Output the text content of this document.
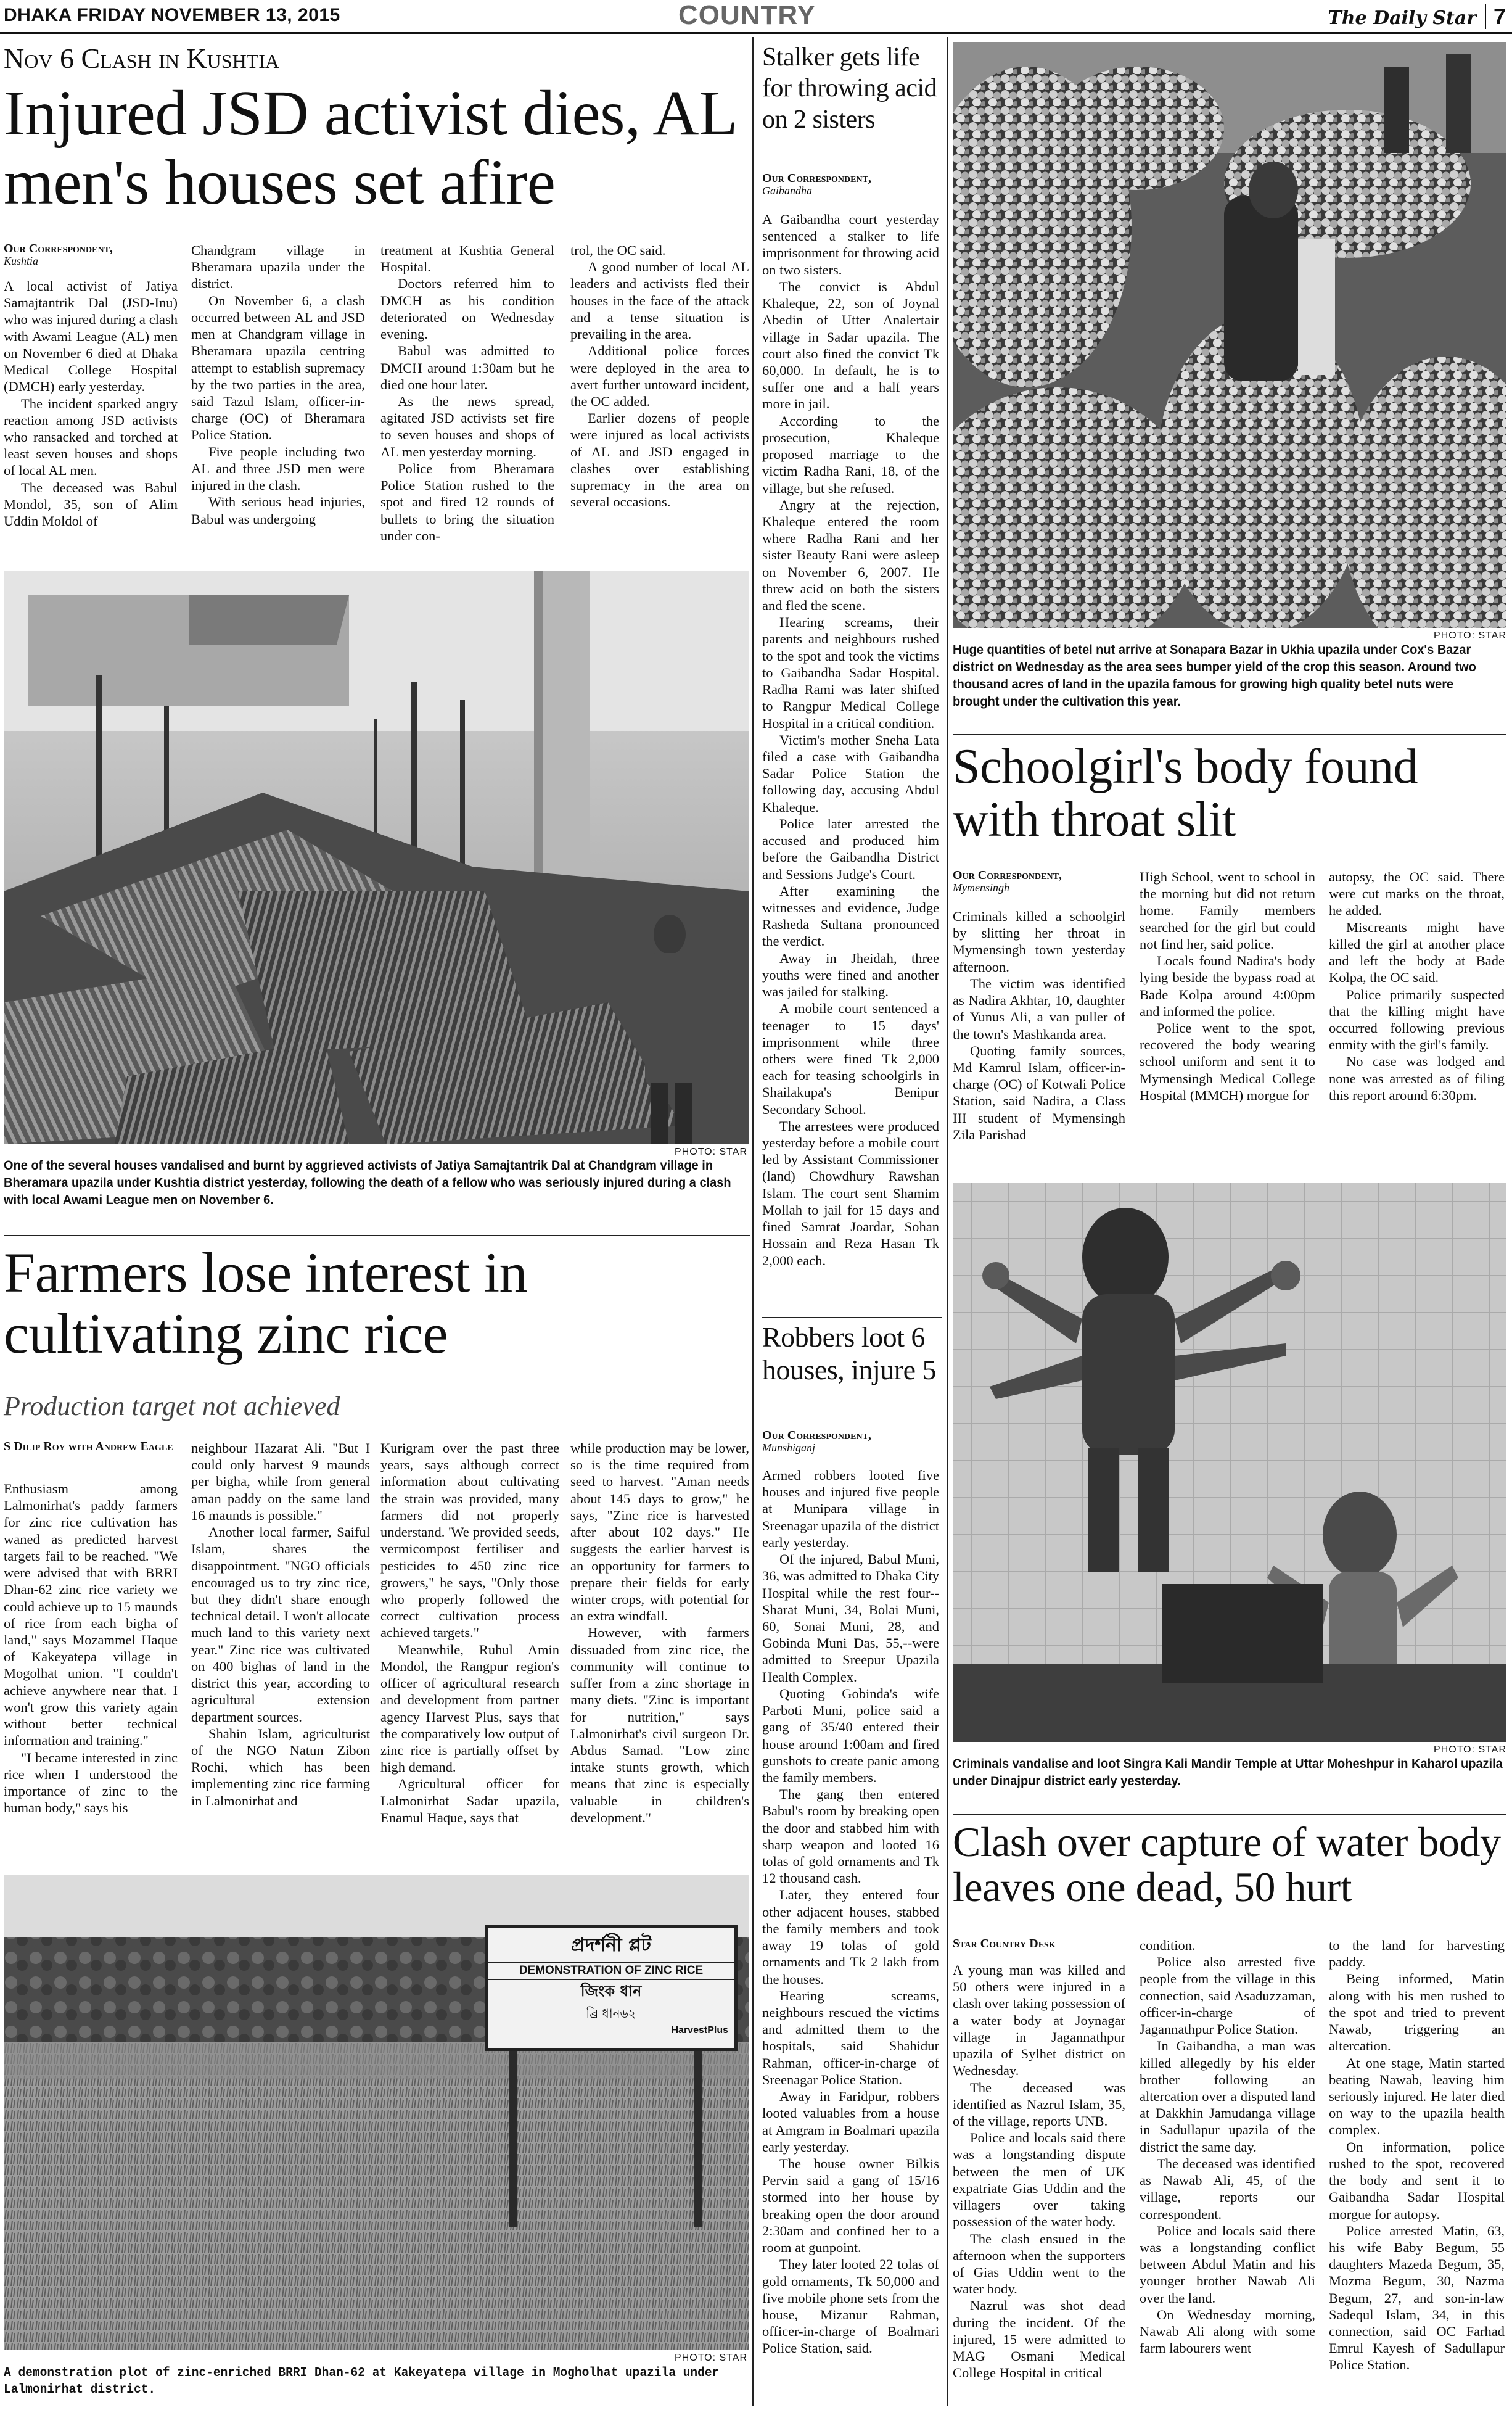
DHAKA FRIDAY NOVEMBER 13, 2015	COUNTRY	The Daily Star 7
Nov 6 Clash in Kushtia
Injured JSD activist dies, AL men's houses set afire
Our Correspondent,
Kushtia

A local activist of Jatiya Samajtantrik Dal (JSD-Inu) who was injured during a clash with Awami League (AL) men on November 6 died at Dhaka Medical College Hospital (DMCH) early yesterday.

The incident sparked angry reaction among JSD activists who ransacked and torched at least seven houses and shops of local AL men.

The deceased was Babul Mondol, 35, son of Alim Uddin Moldol of

Chandgram village in Bheramara upazila under the district.

On November 6, a clash occurred between AL and JSD men at Chandgram village in Bheramara upazila centring attempt to establish supremacy by the two parties in the area, said Tazul Islam, officer-in-charge (OC) of Bheramara Police Station.

Five people including two AL and three JSD men were injured in the clash.

With serious head injuries, Babul was undergoing

treatment at Kushtia General Hospital.

Doctors referred him to DMCH as his condition deteriorated on Wednesday evening.

Babul was admitted to DMCH around 1:30am but he died one hour later.

As the news spread, agitated JSD activists set fire to seven houses and shops of AL men yesterday morning.

Police from Bheramara Police Station rushed to the spot and fired 12 rounds of bullets to bring the situation under con-

trol, the OC said.

A good number of local AL leaders and activists fled their houses in the face of the attack and a tense situation is prevailing in the area.

Additional police forces were deployed in the area to avert further untoward incident, the OC added.

Earlier dozens of people were injured as local activists of AL and JSD engaged in clashes over establishing supremacy in the area on several occasions.

PHOTO: STAR
One of the several houses vandalised and burnt by aggrieved activists of Jatiya Samajtantrik Dal at Chandgram village in Bheramara upazila under Kushtia district yesterday, following the death of a fellow who was seriously injured during a clash with local Awami League men on November 6.
Farmers lose interest in cultivating zinc rice
Production target not achieved
S Dilip Roy with Andrew Eagle

Enthusiasm among Lalmonirhat's paddy farmers for zinc rice cultivation has waned as predicted harvest targets fail to be reached. "We were advised that with BRRI Dhan-62 zinc rice variety we could achieve up to 15 maunds of rice from each bigha of land," says Mozammel Haque of Kakeyatepa village in Mogolhat union. "I couldn't achieve anywhere near that. I won't grow this variety again without better technical information and training."

"I became interested in zinc rice when I understood the importance of zinc to the human body," says his

neighbour Hazarat Ali. "But I could only harvest 9 maunds per bigha, while from general aman paddy on the same land 16 maunds is possible."

Another local farmer, Saiful Islam, shares the disappointment. "NGO officials encouraged us to try zinc rice, but they didn't share enough technical detail. I won't allocate much land to this variety next year." Zinc rice was cultivated on 400 bighas of land in the district this year, according to agricultural extension department sources.

Shahin Islam, agriculturist of the NGO Natun Zibon Rochi, which has been implementing zinc rice farming in Lalmonirhat and

Kurigram over the past three years, says although correct information about cultivating the strain was provided, many farmers did not properly understand. 'We provided seeds, vermicompost fertiliser and pesticides to 450 zinc rice growers," he says, "Only those who properly followed the correct cultivation process achieved targets."

Meanwhile, Ruhul Amin Mondol, the Rangpur region's officer of agricultural research and development from partner agency Harvest Plus, says that the comparatively low output of zinc rice is partially offset by high demand.

Agricultural officer for Lalmonirhat Sadar upazila, Enamul Haque, says that

while production may be lower, so is the time required from seed to harvest. "Aman needs about 145 days to grow," he says, "Zinc rice is harvested after about 102 days." He suggests the earlier harvest is an opportunity for farmers to prepare their fields for early winter crops, with potential for an extra windfall.

However, with farmers dissuaded from zinc rice, the community will continue to suffer from a zinc shortage in many diets. "Zinc is important for nutrition," says Lalmonirhat's civil surgeon Dr. Abdus Samad. "Low zinc intake stunts growth, which means that zinc is especially valuable in children's development."

প্রদর্শনী প্লট
DEMONSTRATION OF ZINC RICE
জিংক ধান
ব্রি ধান৬২
HarvestPlus
PHOTO: STAR
A demonstration plot of zinc-enriched BRRI Dhan-62 at Kakeyatepa village in Mogholhat upazila under Lalmonirhat district.
Stalker gets life for throwing acid on 2 sisters
Our Correspondent,
Gaibandha

A Gaibandha court yesterday sentenced a stalker to life imprisonment for throwing acid on two sisters.

The convict is Abdul Khaleque, 22, son of Joynal Abedin of Utter Analertair village in Sadar upazila. The court also fined the convict Tk 60,000. In default, he is to suffer one and a half years more in jail.

According to the prosecution, Khaleque proposed marriage to the victim Radha Rani, 18, of the village, but she refused.

Angry at the rejection, Khaleque entered the room where Radha Rani and her sister Beauty Rani were asleep on November 6, 2007. He threw acid on both the sisters and fled the scene.

Hearing screams, their parents and neighbours rushed to the spot and took the victims to Gaibandha Sadar Hospital. Radha Rami was later shifted to Rangpur Medical College Hospital in a critical condition.

Victim's mother Sneha Lata filed a case with Gaibandha Sadar Police Station the following day, accusing Abdul Khaleque.

Police later arrested the accused and produced him before the Gaibandha District and Sessions Judge's Court.

After examining the witnesses and evidence, Judge Rasheda Sultana pronounced the verdict.

Away in Jheidah, three youths were fined and another was jailed for stalking.

A mobile court sentenced a teenager to 15 days' imprisonment while three others were fined Tk 2,000 each for teasing schoolgirls in Shailakupa's Benipur Secondary School.

The arrestees were produced yesterday before a mobile court led by Assistant Commissioner (land) Chowdhury Rawshan Islam. The court sent Shamim Mollah to jail for 15 days and fined Samrat Joardar, Sohan Hossain and Reza Hasan Tk 2,000 each.

Robbers loot 6 houses, injure 5
Our Correspondent,
Munshiganj

Armed robbers looted five houses and injured five people at Munipara village in Sreenagar upazila of the district early yesterday.

Of the injured, Babul Muni, 36, was admitted to Dhaka City Hospital while the rest four--Sharat Muni, 34, Bolai Muni, 60, Sonai Muni, 28, and Gobinda Muni Das, 55,--were admitted to Sreepur Upazila Health Complex.

Quoting Gobinda's wife Parboti Muni, police said a gang of 35/40 entered their house around 1:00am and fired gunshots to create panic among the family members.

The gang then entered Babul's room by breaking open the door and stabbed him with sharp weapon and looted 16 tolas of gold ornaments and Tk 12 thousand cash.

Later, they entered four other adjacent houses, stabbed the family members and took away 19 tolas of gold ornaments and Tk 2 lakh from the houses.

Hearing screams, neighbours rescued the victims and admitted them to the hospitals, said Shahidur Rahman, officer-in-charge of Sreenagar Police Station.

Away in Faridpur, robbers looted valuables from a house at Amgram in Boalmari upazila early yesterday.

The house owner Bilkis Pervin said a gang of 15/16 stormed into her house by breaking open the door around 2:30am and confined her to a room at gunpoint.

They later looted 22 tolas of gold ornaments, Tk 50,000 and five mobile phone sets from the house, Mizanur Rahman, officer-in-charge of Boalmari Police Station, said.

PHOTO: STAR
Huge quantities of betel nut arrive at Sonapara Bazar in Ukhia upazila under Cox's Bazar district on Wednesday as the area sees bumper yield of the crop this season. Around two thousand acres of land in the upazila famous for growing high quality betel nuts were brought under the cultivation this year.
Schoolgirl's body found with throat slit
Our Correspondent,
Mymensingh

Criminals killed a schoolgirl by slitting her throat in Mymensingh town yesterday afternoon.

The victim was identified as Nadira Akhtar, 10, daughter of Yunus Ali, a van puller of the town's Mashkanda area.

Quoting family sources, Md Kamrul Islam, officer-in-charge (OC) of Kotwali Police Station, said Nadira, a Class III student of Mymensingh Zila Parishad

High School, went to school in the morning but did not return home. Family members searched for the girl but could not find her, said police.

Locals found Nadira's body lying beside the bypass road at Bade Kolpa around 4:00pm and informed the police.

Police went to the spot, recovered the body wearing school uniform and sent it to Mymensingh Medical College Hospital (MMCH) morgue for

autopsy, the OC said. There were cut marks on the throat, he added.

Miscreants might have killed the girl at another place and left the body at Bade Kolpa, the OC said.

Police primarily suspected that the killing might have occurred following previous enmity with the girl's family.

No case was lodged and none was arrested as of filing this report around 6:30pm.

PHOTO: STAR
Criminals vandalise and loot Singra Kali Mandir Temple at Uttar Moheshpur in Kaharol upazila under Dinajpur district early yesterday.
Clash over capture of water body leaves one dead, 50 hurt
Star Country Desk

A young man was killed and 50 others were injured in a clash over taking possession of a water body at Joynagar village in Jagannathpur upazila of Sylhet district on Wednesday.

The deceased was identified as Nazrul Islam, 35, of the village, reports UNB.

Police and locals said there was a longstanding dispute between the men of UK expatriate Gias Uddin and the villagers over taking possession of the water body.

The clash ensued in the afternoon when the supporters of Gias Uddin went to the water body.

Nazrul was shot dead during the incident. Of the injured, 15 were admitted to MAG Osmani Medical College Hospital in critical

condition.

Police also arrested five people from the village in this connection, said Asaduzzaman, officer-in-charge of Jagannathpur Police Station.

In Gaibandha, a man was killed allegedly by his elder brother following an altercation over a disputed land at Dakkhin Jamudanga village in Sadullapur upazila of the district the same day.

The deceased was identified as Nawab Ali, 45, of the village, reports our correspondent.

Police and locals said there was a longstanding conflict between Abdul Matin and his younger brother Nawab Ali over the land.

On Wednesday morning, Nawab Ali along with some farm labourers went

to the land for harvesting paddy.

Being informed, Matin along with his men rushed to the spot and tried to prevent Nawab, triggering an altercation.

At one stage, Matin started beating Nawab, leaving him seriously injured. He later died on way to the upazila health complex.

On information, police rushed to the spot, recovered the body and sent it to Gaibandha Sadar Hospital morgue for autopsy.

Police arrested Matin, 63, his wife Baby Begum, 55 daughters Mazeda Begum, 35, Mozma Begum, 30, Nazma Begum, 27, and son-in-law Sadequl Islam, 34, in this connection, said OC Farhad Emrul Kayesh of Sadullapur Police Station.
